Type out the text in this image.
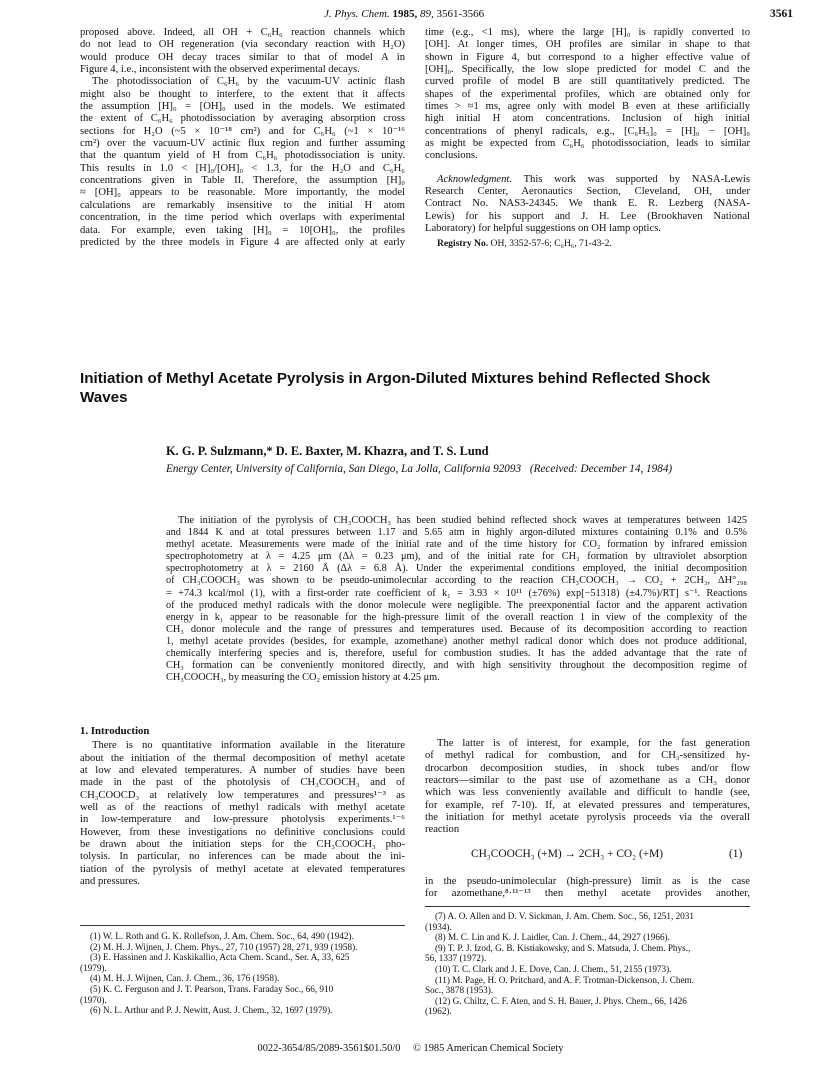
J. Phys. Chem. 1985, 89, 3561-3566	3561
proposed above. Indeed, all OH + C₆H₆ reaction channels which
do not lead to OH regeneration (via secondary reaction with H₂O)
would produce OH decay traces similar to that of model A in
Figure 4, i.e., inconsistent with the observed experimental decays.
The photodissociation of C₆H₆ by the vacuum-UV actinic flash
might also be thought to interfere, to the extent that it affects
the assumption [H]₀ = [OH]₀ used in the models. We estimated
the extent of C₆H₆ photodissociation by averaging absorption cross
sections for H₂O (~5 × 10⁻¹⁸ cm²) and for C₆H₆ (~1 × 10⁻¹⁶
cm²) over the vacuum-UV actinic flux region and further assuming
that the quantum yield of H from C₆H₆ photodissociation is unity.
This results in 1.0 < [H]₀/[OH]₀ < 1.3, for the H₂O and C₆H₆
concentrations given in Table II. Therefore, the assumption [H]₀
≈ [OH]₀ appears to be reasonable. More importantly, the model
calculations are remarkably insensitive to the initial H atom
concentration, in the time period which overlaps with experimental
data. For example, even taking [H]₀ = 10[OH]₀, the profiles
predicted by the three models in Figure 4 are affected only at early
time (e.g., <1 ms), where the large [H]₀ is rapidly converted to
[OH]. At longer times, OH profiles are similar in shape to that
shown in Figure 4, but correspond to a higher effective value of
[OH]₀. Specifically, the low slope predicted for model C and the
curved profile of model B are still quantitatively predicted. The
shapes of the experimental profiles, which are obtained only for
times > ≈1 ms, agree only with model B even at these artificially
high initial H atom concentrations. Inclusion of high initial
concentrations of phenyl radicals, e.g., [C₆H₅]₀ = [H]₀ − [OH]₀
as might be expected from C₆H₆ photodissociation, leads to similar
conclusions.
Acknowledgment. This work was supported by NASA-Lewis
Research Center, Aeronautics Section, Cleveland, OH, under
Contract No. NAS3-24345. We thank E. R. Lezberg (NASA-
Lewis) for his support and J. H. Lee (Brookhaven National
Laboratory) for helpful suggestions on OH lamp optics.
Registry No. OH, 3352-57-6; C₆H₆, 71-43-2.
Initiation of Methyl Acetate Pyrolysis in Argon-Diluted Mixtures behind Reflected Shock
Waves
K. G. P. Sulzmann,* D. E. Baxter, M. Khazra, and T. S. Lund
Energy Center, University of California, San Diego, La Jolla, California 92093 (Received: December 14, 1984)
The initiation of the pyrolysis of CH₃COOCH₃ has been studied behind reflected shock waves at temperatures between 1425
and 1844 K and at total pressures between 1.17 and 5.65 atm in highly argon-diluted mixtures containing 0.1% and 0.5%
methyl acetate. Measurements were made of the initial rate and of the time history for CO₂ formation by infrared emission
spectrophotometry at λ = 4.25 μm (Δλ = 0.23 μm), and of the initial rate for CH₃ formation by ultraviolet absorption
spectrophotometry at λ = 2160 Å (Δλ = 6.8 Å). Under the experimental conditions employed, the initial decomposition
of CH₃COOCH₃ was shown to be pseudo-unimolecular according to the reaction CH₃COOCH₃ → CO₂ + 2CH₃, ΔH°₂₉₈
= +74.3 kcal/mol (1), with a first-order rate coefficient of k₁ = 3.93 × 10¹¹ (±76%) exp[−51318) (±4.7%)/RT] s⁻¹. Reactions
of the produced methyl radicals with the donor molecule were negligible. The preexponential factor and the apparent activation
energy in k₁ appear to be reasonable for the high-pressure limit of the overall reaction 1 in view of the complexity of the
CH₃ donor molecule and the range of pressures and temperatures used. Because of its decomposition according to reaction
1, methyl acetate provides (besides, for example, azomethane) another methyl radical donor which does not produce additional,
chemically interfering species and is, therefore, useful for combustion studies. It has the added advantage that the rate of
CH₃ formation can be conveniently monitored directly, and with high sensitivity throughout the decomposition regime of
CH₃COOCH₃, by measuring the CO₂ emission history at 4.25 μm.
1. Introduction
There is no quantitative information available in the literature
about the initiation of the thermal decomposition of methyl acetate
at low and elevated temperatures. A number of studies have been
made in the past of the photolysis of CH₃COOCH₃ and of
CH₃COOCD₃ at relatively low temperatures and pressures¹⁻³ as
well as of the reactions of methyl radicals with methyl acetate
in low-temperature and low-pressure photolysis experiments.¹⁻⁶
However, from these investigations no definitive conclusions could
be drawn about the initiation steps for the CH₃COOCH₃ pho-
tolysis. In particular, no inferences can be made about the ini-
tiation of the pyrolysis of methyl acetate at elevated temperatures
and pressures.
The latter is of interest, for example, for the fast generation
of methyl radical for combustion, and for CH₃-sensitized hy-
drocarbon decomposition studies, in shock tubes and/or flow
reactors—similar to the past use of azomethane as a CH₃ donor
which was less conveniently available and difficult to handle (see,
for example, ref 7-10). If, at elevated pressures and temperatures,
the initiation for methyl acetate pyrolysis proceeds via the overall
reaction
CH₃COOCH₃ (+M) → 2CH₃ + CO₂ (+M)	(1)
in the pseudo-unimolecular (high-pressure) limit as is the case
for azomethane,⁸·¹¹⁻¹³ then methyl acetate provides another,
(1) W. L. Roth and G. K. Rollefson, J. Am. Chem. Soc., 64, 490 (1942).
(2) M. H. J. Wijnen, J. Chem. Phys., 27, 710 (1957) 28, 271, 939 (1958).
(3) E. Hassinen and J. Kaskikallio, Acta Chem. Scand., Ser. A, 33, 625
(1979).
(4) M. H. J. Wijnen, Can. J. Chem., 36, 176 (1958).
(5) K. C. Ferguson and J. T. Pearson, Trans. Faraday Soc., 66, 910
(1970).
(6) N. L. Arthur and P. J. Newitt, Aust. J. Chem., 32, 1697 (1979).
(7) A. O. Allen and D. V. Sickman, J. Am. Chem. Soc., 56, 1251, 2031
(1934).
(8) M. C. Lin and K. J. Laidler, Can. J. Chem., 44, 2927 (1966).
(9) T. P. J. Izod, G. B. Kistiakowsky, and S. Matsuda, J. Chem. Phys.,
56, 1337 (1972).
(10) T. C. Clark and J. E. Dove, Can. J. Chem., 51, 2155 (1973).
(11) M. Page, H. O. Pritchard, and A. F. Trotman-Dickenson, J. Chem.
Soc., 3878 (1953).
(12) G. Chiltz, C. F. Aten, and S. H. Bauer, J. Phys. Chem., 66, 1426
(1962).
0022-3654/85/2089-3561$01.50/0 © 1985 American Chemical Society
